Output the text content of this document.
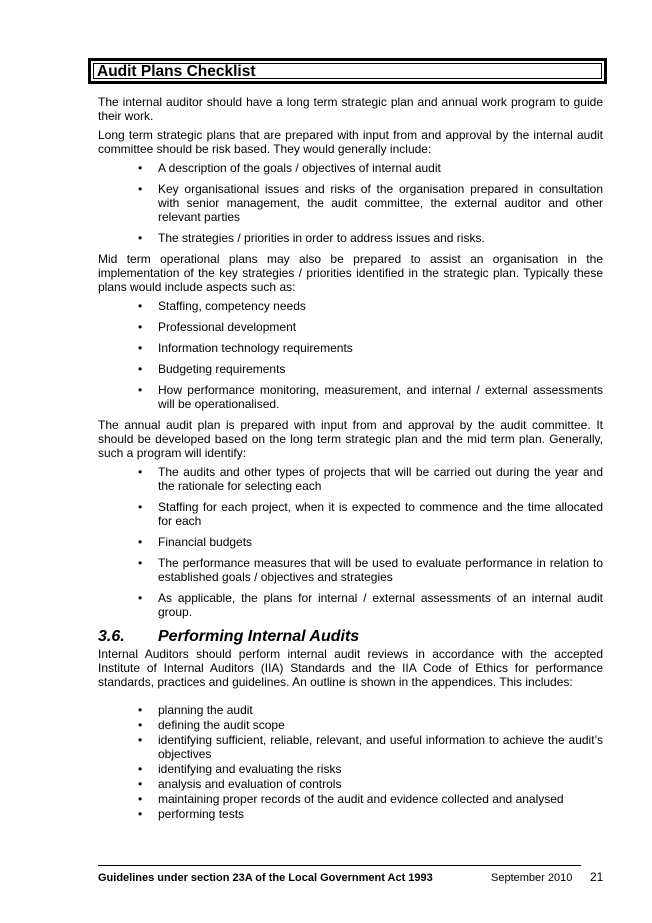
Audit Plans Checklist

The internal auditor should have a long term strategic plan and annual work program to guide their work.

Long term strategic plans that are prepared with input from and approval by the internal audit committee should be risk based. They would generally include:

• A description of the goals / objectives of internal audit
• Key organisational issues and risks of the organisation prepared in consultation with senior management, the audit committee, the external auditor and other relevant parties
• The strategies / priorities in order to address issues and risks.

Mid term operational plans may also be prepared to assist an organisation in the implementation of the key strategies / priorities identified in the strategic plan. Typically these plans would include aspects such as:

• Staffing, competency needs
• Professional development
• Information technology requirements
• Budgeting requirements
• How performance monitoring, measurement, and internal / external assessments will be operationalised.

The annual audit plan is prepared with input from and approval by the audit committee. It should be developed based on the long term strategic plan and the mid term plan. Generally, such a program will identify:

• The audits and other types of projects that will be carried out during the year and the rationale for selecting each
• Staffing for each project, when it is expected to commence and the time allocated for each
• Financial budgets
• The performance measures that will be used to evaluate performance in relation to established goals / objectives and strategies
• As applicable, the plans for internal / external assessments of an internal audit group.
3.6. Performing Internal Audits

Internal Auditors should perform internal audit reviews in accordance with the accepted Institute of Internal Auditors (IIA) Standards and the IIA Code of Ethics for performance standards, practices and guidelines. An outline is shown in the appendices. This includes:

• planning the audit
• defining the audit scope
• identifying sufficient, reliable, relevant, and useful information to achieve the audit’s objectives
• identifying and evaluating the risks
• analysis and evaluation of controls
• maintaining proper records of the audit and evidence collected and analysed
• performing tests
Guidelines under section 23A of the Local Government Act 1993	September 2010 21
